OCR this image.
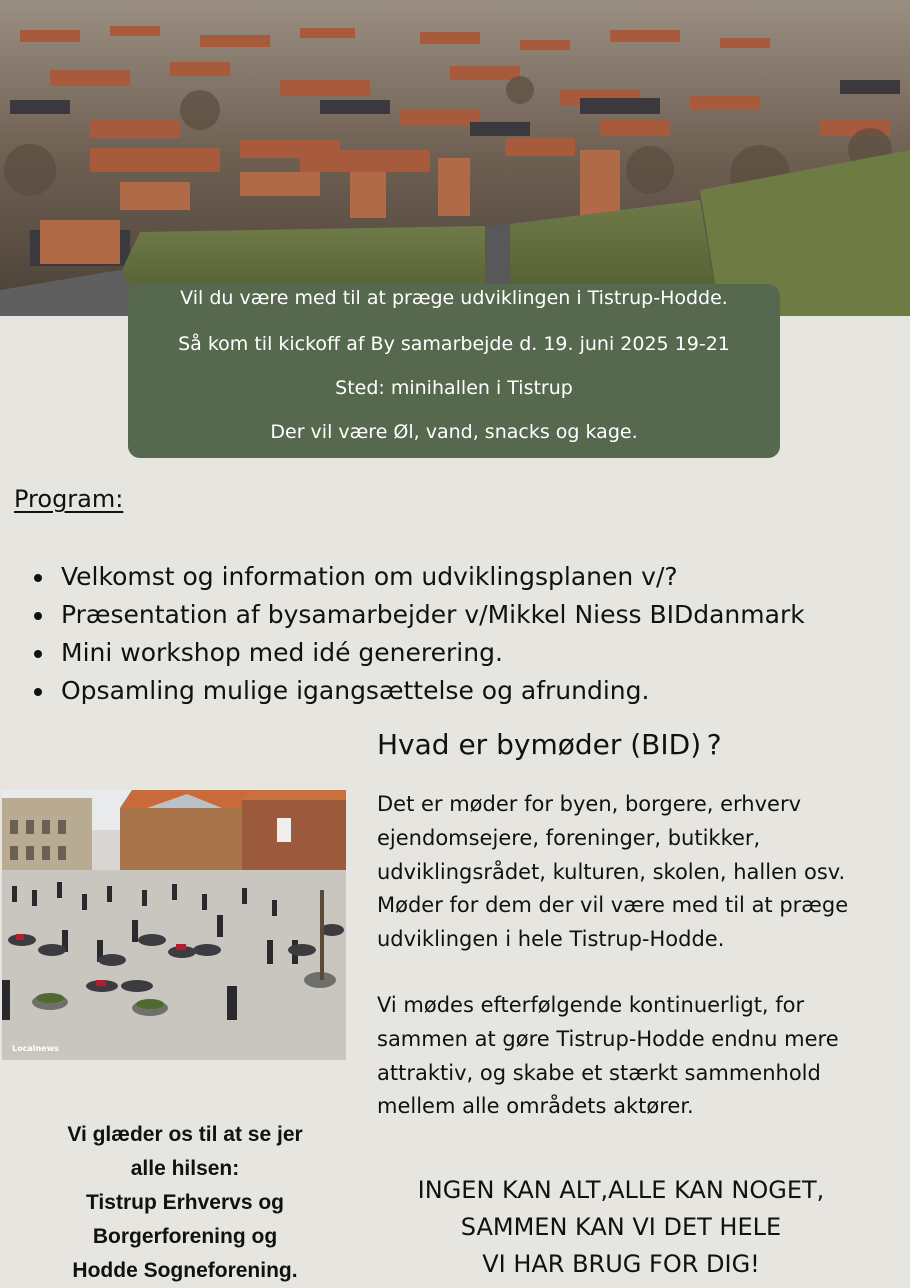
Vil du være med til at præge udviklingen i Tistrup-Hodde.
Så kom til kickoff af By samarbejde d. 19. juni 2025 19-21
Sted: minihallen i Tistrup
Der vil være Øl, vand, snacks og kage.
Program:
Velkomst og information om udviklingsplanen v/?
Præsentation af bysamarbejder v/Mikkel Niess BIDdanmark
Mini workshop med idé generering.
Opsamling mulige igangsættelse og afrunding.
Hvad er bymøder (BID) ?

Det er møder for byen, borgere, erhverv ejendomsejere, foreninger, butikker, udviklingsrådet, kulturen, skolen, hallen osv. Møder for dem der vil være med til at præge udviklingen i hele Tistrup-Hodde.

Vi mødes efterfølgende kontinuerligt, for sammen at gøre Tistrup-Hodde endnu mere attraktiv, og skabe et stærkt sammenhold mellem alle områdets aktører.

Localnews
Vi glæder os til at se jer
alle hilsen:
Tistrup Erhvervs og
Borgerforening og
Hodde Sogneforening.
INGEN KAN ALT,ALLE KAN NOGET,
SAMMEN KAN VI DET HELE
VI HAR BRUG FOR DIG!
